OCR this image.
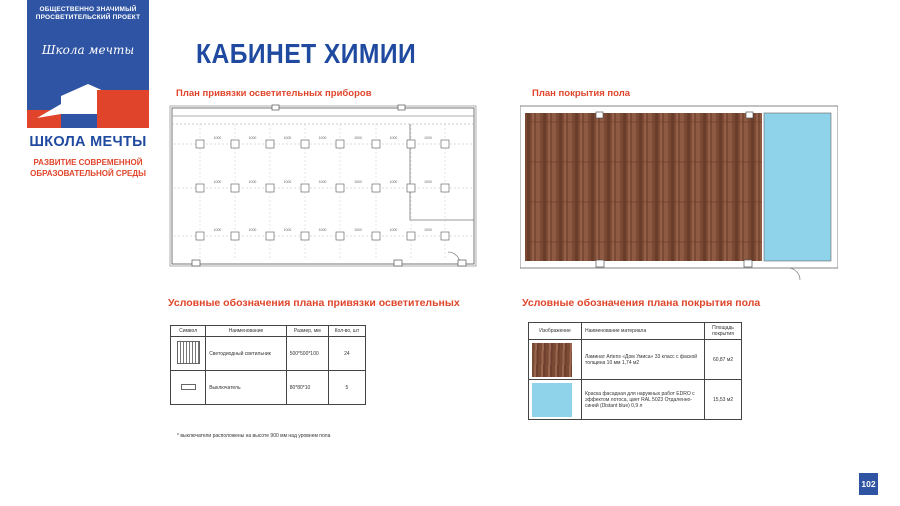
ОБЩЕСТВЕННО ЗНАЧИМЫЙ ПРОСВЕТИТЕЛЬСКИЙ ПРОЕКТ
Школа мечты
ШКОЛА МЕЧТЫ
РАЗВИТИЕ СОВРЕМЕННОЙ ОБРАЗОВАТЕЛЬНОЙ СРЕДЫ
КАБИНЕТ ХИМИИ
План привязки осветительных приборов
1000
1000
1000
1000
1000
1000
1000
1000
1000
1000
1000
1000
1000
1000
1000
1000
1000
1000
1000
1000
1000
План покрытия пола
Условные обозначения плана привязки осветительных
Символ	Наименование	Размер, мм	Кол-во, шт
	Светодиодный светильник	500*500*100	24
	Выключатель	80*80*10	5
* выключатели расположены на высоте 900 мм над уровнем пола
Условные обозначения плана покрытия пола
Изображение	Наименование материала	Площадь покрытия

	Ламинат Artens «Дом Умиса» 33 класс с фаской толщина 10 мм 1,74 м2	60,87 м2

	Краска фасадная для наружных работ EDRO с эффектом лотоса, цвет RAL 5023 Отдаленно-синий (Distant blue) 0,9 л	15,53 м2
102
